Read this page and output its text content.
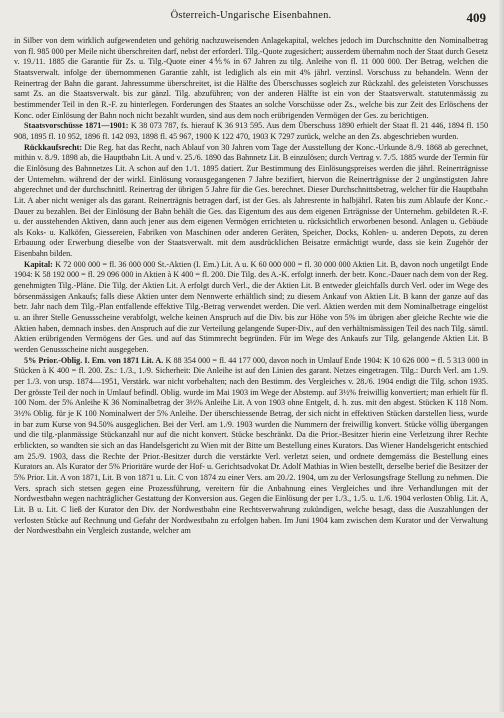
Österreich-Ungarische Eisenbahnen.	409

in Silber von dem wirklich aufgewendeten und gehörig nachzuweisenden Anlagekapital, welches jedoch im Durchschnitte den Nominalbetrag von fl. 985 000 per Meile nicht überschreiten darf, nebst der erforderl. Tilg.-Quote zugesichert; ausserdem übernahm noch der Staat durch Gesetz v. 19./11. 1885 die Garantie für Zs. u. Tilg.-Quote einer 4⅘% in 67 Jahren zu tilg. Anleihe von fl. 11 000 000. Der Betrag, welchen die Staatsverwalt. infolge der übernommenen Garantie zahlt, ist lediglich als ein mit 4% jährl. verzinsl. Vorschuss zu behandeln. Wenn der Reinertrag der Bahn die garant. Jahressumme überschreitet, ist die Hälfte des Überschusses sogleich zur Rückzahl. des geleisteten Vorschusses samt Zs. an die Staatsverwalt. bis zur gänzl. Tilg. abzuführen; von der anderen Hälfte ist ein von der Staatsverwalt. statutenmässig zu bestimmender Teil in den R.-F. zu hinterlegen. Forderungen des Staates an solche Vorschüsse oder Zs., welche bis zur Zeit des Erlöschens der Konc. oder Einlösung der Bahn noch nicht bezahlt wurden, sind aus dem noch erübrigenden Vermögen der Ges. zu berichtigen.

Staatsvorschüsse 1871—1901: K 38 073 787, fs. hierauf K 36 913 595. Aus dem Überschuss 1890 erhielt der Staat fl. 21 446, 1894 fl. 150 908, 1895 fl. 10 952, 1896 fl. 142 093, 1898 fl. 45 967, 1900 K 122 470, 1903 K 7297 zurück, welche an den Zs. abgeschrieben wurden.

Rückkaufsrecht: Die Reg. hat das Recht, nach Ablauf von 30 Jahren vom Tage der Ausstellung der Konc.-Urkunde 8./9. 1868 ab gerechnet, mithin v. 8./9. 1898 ab, die Hauptbahn Lit. A und v. 25./6. 1890 das Bahnnetz Lit. B einzulösen; durch Vertrag v. 7./5. 1885 wurde der Termin für die Einlösung des Bahnnetzes Lit. A schon auf den 1./1. 1895 datiert. Zur Bestimmung des Einlösungspreises werden die jährl. Reinerträgnisse der Unternehm. während der der wirkl. Einlösung vorausgegangenen 7 Jahre bezifiert, hiervon die Reinerträgnisse der 2 ungünstigsten Jahre abgerechnet und der durchschnittl. Reinertrag der übrigen 5 Jahre für die Ges. berechnet. Dieser Durchschnittsbetrag, welcher für die Hauptbahn Lit. A aber nicht weniger als das garant. Reinerträgnis betragen darf, ist der Ges. als Jahresrente in halbjährl. Raten bis zum Ablaufe der Konc.-Dauer zu bezahlen. Bei der Einlösung der Bahn behält die Ges. das Eigentum des aus dem eigenen Erträgnisse der Unternehm. gebildeten R.-F. u. der ausstehenden Aktiven, dann auch jener aus dem eigenen Vermögen errichteten u. rücksichtlich erworbenen besond. Anlagen u. Gebäude als Koks- u. Kalköfen, Giessereien, Fabriken von Maschinen oder anderen Geräten, Speicher, Docks, Kohlen- u. anderen Depots, zu deren Erbauung oder Erwerbung dieselbe von der Staatsverwalt. mit dem ausdrücklichen Beisatze ermächtigt wurde, dass sie kein Zugehör der Eisenbahn bilden.

Kapital: K 72 000 000 = fl. 36 000 000 St.-Aktien (I. Em.) Lit. A u. K 60 000 000 = fl. 30 000 000 Aktien Lit. B, davon noch ungetilgt Ende 1904: K 58 192 000 = fl. 29 096 000 in Aktien à K 400 = fl. 200. Die Tilg. des A.-K. erfolgt innerh. der betr. Konc.-Dauer nach dem von der Reg. genehmigten Tilg.-Pläne. Die Tilg. der Aktien Lit. A erfolgt durch Verl., die der Aktien Lit. B entweder gleichfalls durch Verl. oder im Wege des börsenmässigen Ankaufs; falls diese Aktien unter dem Nennwerte erhältlich sind; zu diesem Ankauf von Aktien Lit. B kann der ganze auf das betr. Jahr nach dem Tilg.-Plan entfallende effektive Tilg.-Betrag verwendet werden. Die verl. Aktien werden mit dem Nominalbetrage eingelöst u. an ihrer Stelle Genussscheine verabfolgt, welche keinen Anspruch auf die Div. bis zur Höhe von 5% im übrigen aber gleiche Rechte wie die Aktien haben, demnach insbes. den Anspruch auf die zur Verteilung gelangende Super-Div., auf den verhältnismässigen Teil des nach Tilg. sämtl. Aktien erübrigenden Vermögens der Ges. und auf das Stimmrecht begründen. Für im Wege des Ankaufs zur Tilg. gelangende Aktien Lit. B werden Genussscheine nicht ausgegeben.

5% Prior.-Oblig. I. Em. von 1871 Lit. A. K 88 354 000 = fl. 44 177 000, davon noch in Umlauf Ende 1904: K 10 626 000 = fl. 5 313 000 in Stücken à K 400 = fl. 200. Zs.: 1./3., 1./9. Sicherheit: Die Anleihe ist auf den Linien des garant. Netzes eingetragen. Tilg.: Durch Verl. am 1./9. per 1./3. von ursp. 1874—1951, Verstärk. war nicht vorbehalten; nach den Bestimm. des Vergleiches v. 28./6. 1904 endigt die Tilg. schon 1935. Der grösste Teil der noch in Umlauf befindl. Oblig. wurde im Mai 1903 im Wege der Abstemp. auf 3½% freiwillig konvertiert; man erhielt für fl. 100 Nom. der 5% Anleihe K 36 Nominalbetrag der 3½% Anleihe Lit. A von 1903 ohne Entgelt, d. h. zus. mit den abgest. Stücken K 118 Nom. 3½% Oblig. für je K 100 Nominalwert der 5% Anleihe. Der überschiessende Betrag, der sich nicht in effektiven Stücken darstellen liess, wurde in bar zum Kurse von 94.50% ausgeglichen. Bei der Verl. am 1./9. 1903 wurden die Nummern der freiwillig konvert. Stücke völlig übergangen und die tilg.-planmässige Stückanzahl nur auf die nicht konvert. Stücke beschränkt. Da die Prior.-Besitzer hierin eine Verletzung ihrer Rechte erblickten, so wandten sie sich an das Handelsgericht zu Wien mit der Bitte um Bestellung eines Kurators. Das Wiener Handelsgericht entschied am 25./9. 1903, dass die Rechte der Prior.-Besitzer durch die verstärkte Verl. verletzt seien, und ordnete demgemäss die Bestellung eines Kurators an. Als Kurator der 5% Prioritäre wurde der Hof- u. Gerichtsadvokat Dr. Adolf Mathias in Wien bestellt, derselbe berief die Besitzer der 5% Prior. Lit. A von 1871, Lit. B von 1871 u. Lit. C von 1874 zu einer Vers. am 20./2. 1904, um zu der Verlosungsfrage Stellung zu nehmen. Die Vers. sprach sich stetsen gegen eine Prozessführung, vereitern für die Anbahnung eines Vergleiches und ihre Verhandlungen mit der Nordwestbahn wegen nachträglicher Gestattung der Konversion aus. Gegen die Einlösung der per 1./3., 1./5. u. 1./6. 1904 verlosten Oblig. Lit. A, Lit. B u. Lit. C ließ der Kurator den Div. der Nordwestbahn eine Rechtsverwahrung zukündigen, welche besagt, dass die Auszahlungen der verlosten Stücke auf Rechnung und Gefahr der Nordwestbahn zu erfolgen haben. Im Juni 1904 kam zwischen dem Kurator und der Verwaltung der Nordwestbahn ein Vergleich zustande, welcher am
